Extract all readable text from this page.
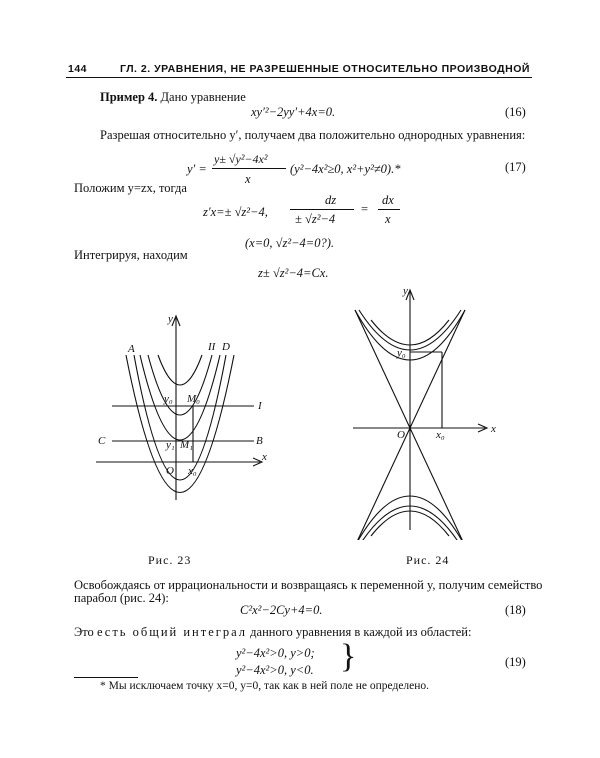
144	ГЛ. 2. УРАВНЕНИЯ, НЕ РАЗРЕШЕННЫЕ ОТНОСИТЕЛЬНО ПРОИЗВОДНОЙ
Пример 4. Дано уравнение
xy′²−2yy′+4x=0.	(16)
Разрешая относительно y′, получаем два положительно однородных уравнения:
y′ =
y± √y²−4x²
x
(y²−4x²≥0, x²+y²≠0).*	(17)
Положим y=zx, тогда
z′x=± √z²−4,
dz
± √z²−4
=
dx
x
(x=0, √z²−4=0?).
Интегрируя, находим
z± √z²−4=Cx.
y
x
A	II D
y₀ M₀
I
C	B
y₁ M₁
O x₀
Рис. 23
y
x
y₀
O	x₀
Рис. 24
Освобождаясь от иррациональности и возвращаясь к переменной y, получим семейство
парабол (рис. 24):
C²x²−2Cy+4=0.	(18)
Это есть общий интеграл данного уравнения в каждой из областей:
y²−4x²>0, y>0;
y²−4x²>0, y<0. }	(19)
* Мы исключаем точку x=0, y=0, так как в ней поле не определено.
